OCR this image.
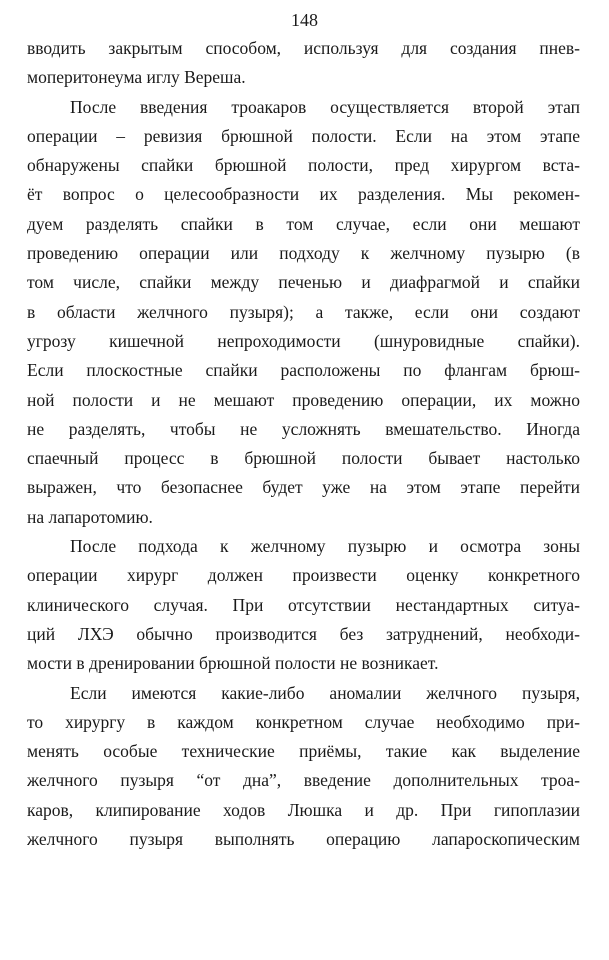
148
вводить закрытым способом, используя для создания пнев-
моперитонеума иглу Вереша.
После введения троакаров осуществляется второй этап
операции – ревизия брюшной полости. Если на этом этапе
обнаружены спайки брюшной полости, пред хирургом вста-
ёт вопрос о целесообразности их разделения. Мы рекомен-
дуем разделять спайки в том случае, если они мешают
проведению операции или подходу к желчному пузырю (в
том числе, спайки между печенью и диафрагмой и спайки
в области желчного пузыря); а также, если они создают
угрозу кишечной непроходимости (шнуровидные спайки).
Если плоскостные спайки расположены по флангам брюш-
ной полости и не мешают проведению операции, их можно
не разделять, чтобы не усложнять вмешательство. Иногда
спаечный процесс в брюшной полости бывает настолько
выражен, что безопаснее будет уже на этом этапе перейти
на лапаротомию.
После подхода к желчному пузырю и осмотра зоны
операции хирург должен произвести оценку конкретного
клинического случая. При отсутствии нестандартных ситуа-
ций ЛХЭ обычно производится без затруднений, необходи-
мости в дренировании брюшной полости не возникает.
Если имеются какие-либо аномалии желчного пузыря,
то хирургу в каждом конкретном случае необходимо при-
менять особые технические приёмы, такие как выделение
желчного пузыря “от дна”, введение дополнительных троа-
каров, клипирование ходов Люшка и др. При гипоплазии
желчного пузыря выполнять операцию лапароскопическим
